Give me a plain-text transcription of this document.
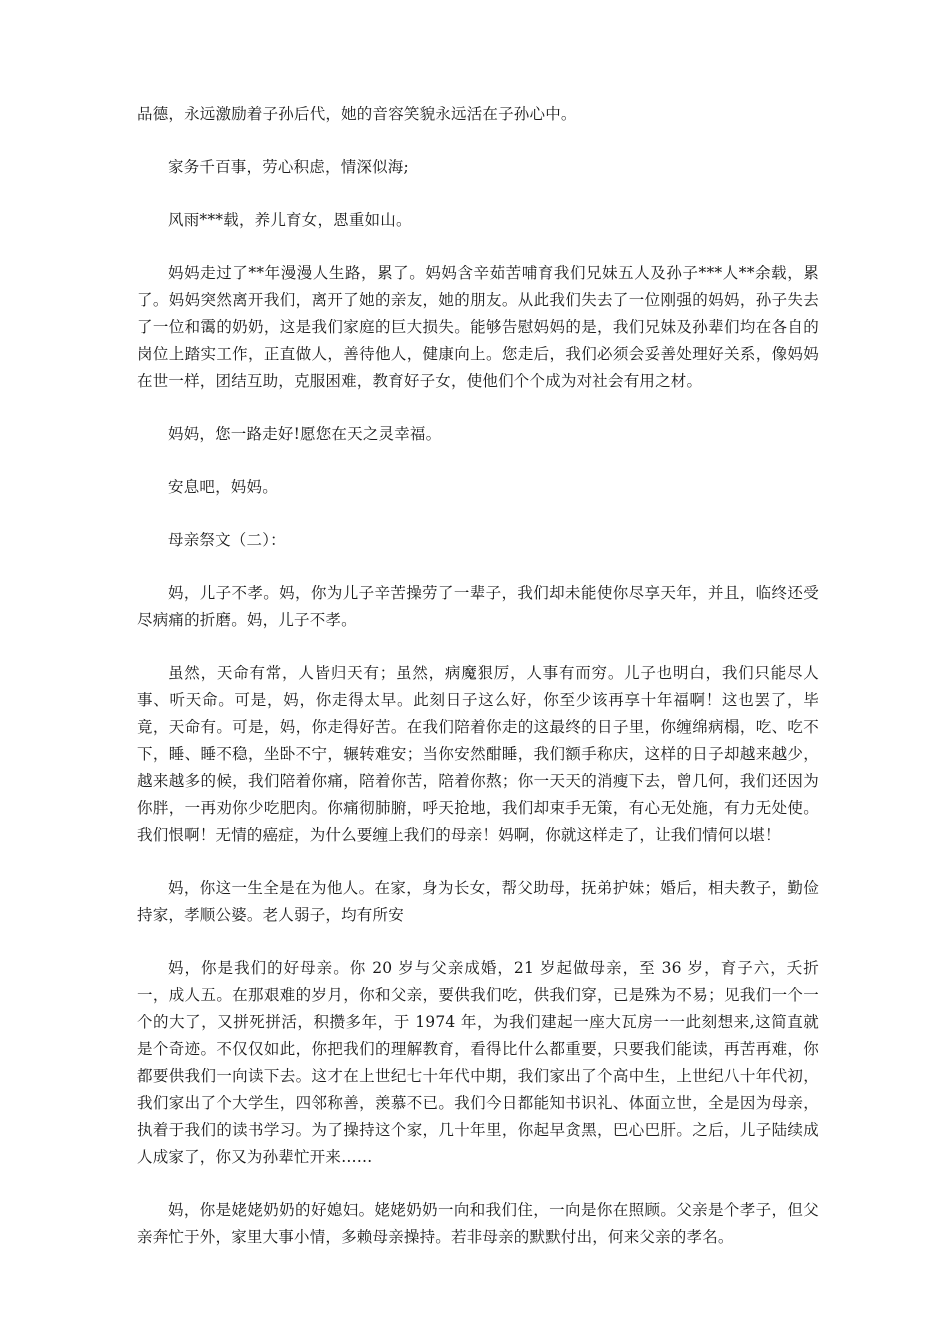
品德，永远激励着子孙后代，她的音容笑貌永远活在子孙心中。

家务千百事，劳心积虑，情深似海;

风雨***载，养儿育女，恩重如山。

妈妈走过了**年漫漫人生路，累了。妈妈含辛茹苦哺育我们兄妹五人及孙子***人**余载，累了。妈妈突然离开我们，离开了她的亲友，她的朋友。从此我们失去了一位刚强的妈妈，孙子失去了一位和霭的奶奶，这是我们家庭的巨大损失。能够告慰妈妈的是，我们兄妹及孙辈们均在各自的岗位上踏实工作，正直做人，善待他人，健康向上。您走后，我们必须会妥善处理好关系，像妈妈在世一样，团结互助，克服困难，教育好子女，使他们个个成为对社会有用之材。

妈妈，您一路走好!愿您在天之灵幸福。

安息吧，妈妈。

母亲祭文（二）：

妈，儿子不孝。妈，你为儿子辛苦操劳了一辈子，我们却未能使你尽享天年，并且，临终还受尽病痛的折磨。妈，儿子不孝。

虽然，天命有常，人皆归天有；虽然，病魔狠厉，人事有而穷。儿子也明白，我们只能尽人事、听天命。可是，妈，你走得太早。此刻日子这么好，你至少该再享十年福啊！这也罢了，毕竟，天命有。可是，妈，你走得好苦。在我们陪着你走的这最终的日子里，你缠绵病榻，吃、吃不下，睡、睡不稳，坐卧不宁，辗转难安；当你安然酣睡，我们额手称庆，这样的日子却越来越少，越来越多的候，我们陪着你痛，陪着你苦，陪着你熬；你一天天的消瘦下去，曾几何，我们还因为你胖，一再劝你少吃肥肉。你痛彻肺腑，呼天抢地，我们却束手无策，有心无处施，有力无处使。我们恨啊！无情的癌症，为什么要缠上我们的母亲！妈啊，你就这样走了，让我们情何以堪！

妈，你这一生全是在为他人。在家，身为长女，帮父助母，抚弟护妹；婚后，相夫教子，勤俭持家，孝顺公婆。老人弱子，均有所安

妈，你是我们的好母亲。你 20 岁与父亲成婚，21 岁起做母亲，至 36 岁，育子六，夭折一，成人五。在那艰难的岁月，你和父亲，要供我们吃，供我们穿，已是殊为不易；见我们一个一个的大了，又拼死拼活，积攒多年，于 1974 年，为我们建起一座大瓦房一一此刻想来,这简直就是个奇迹。不仅仅如此，你把我们的理解教育，看得比什么都重要，只要我们能读，再苦再难，你都要供我们一向读下去。这才在上世纪七十年代中期，我们家出了个高中生，上世纪八十年代初，我们家出了个大学生，四邻称善，羡慕不已。我们今日都能知书识礼、体面立世，全是因为母亲，执着于我们的读书学习。为了操持这个家，几十年里，你起早贪黑，巴心巴肝。之后，儿子陆续成人成家了，你又为孙辈忙开来……

妈，你是姥姥奶奶的好媳妇。姥姥奶奶一向和我们住，一向是你在照顾。父亲是个孝子，但父亲奔忙于外，家里大事小情，多赖母亲操持。若非母亲的默默付出，何来父亲的孝名。
